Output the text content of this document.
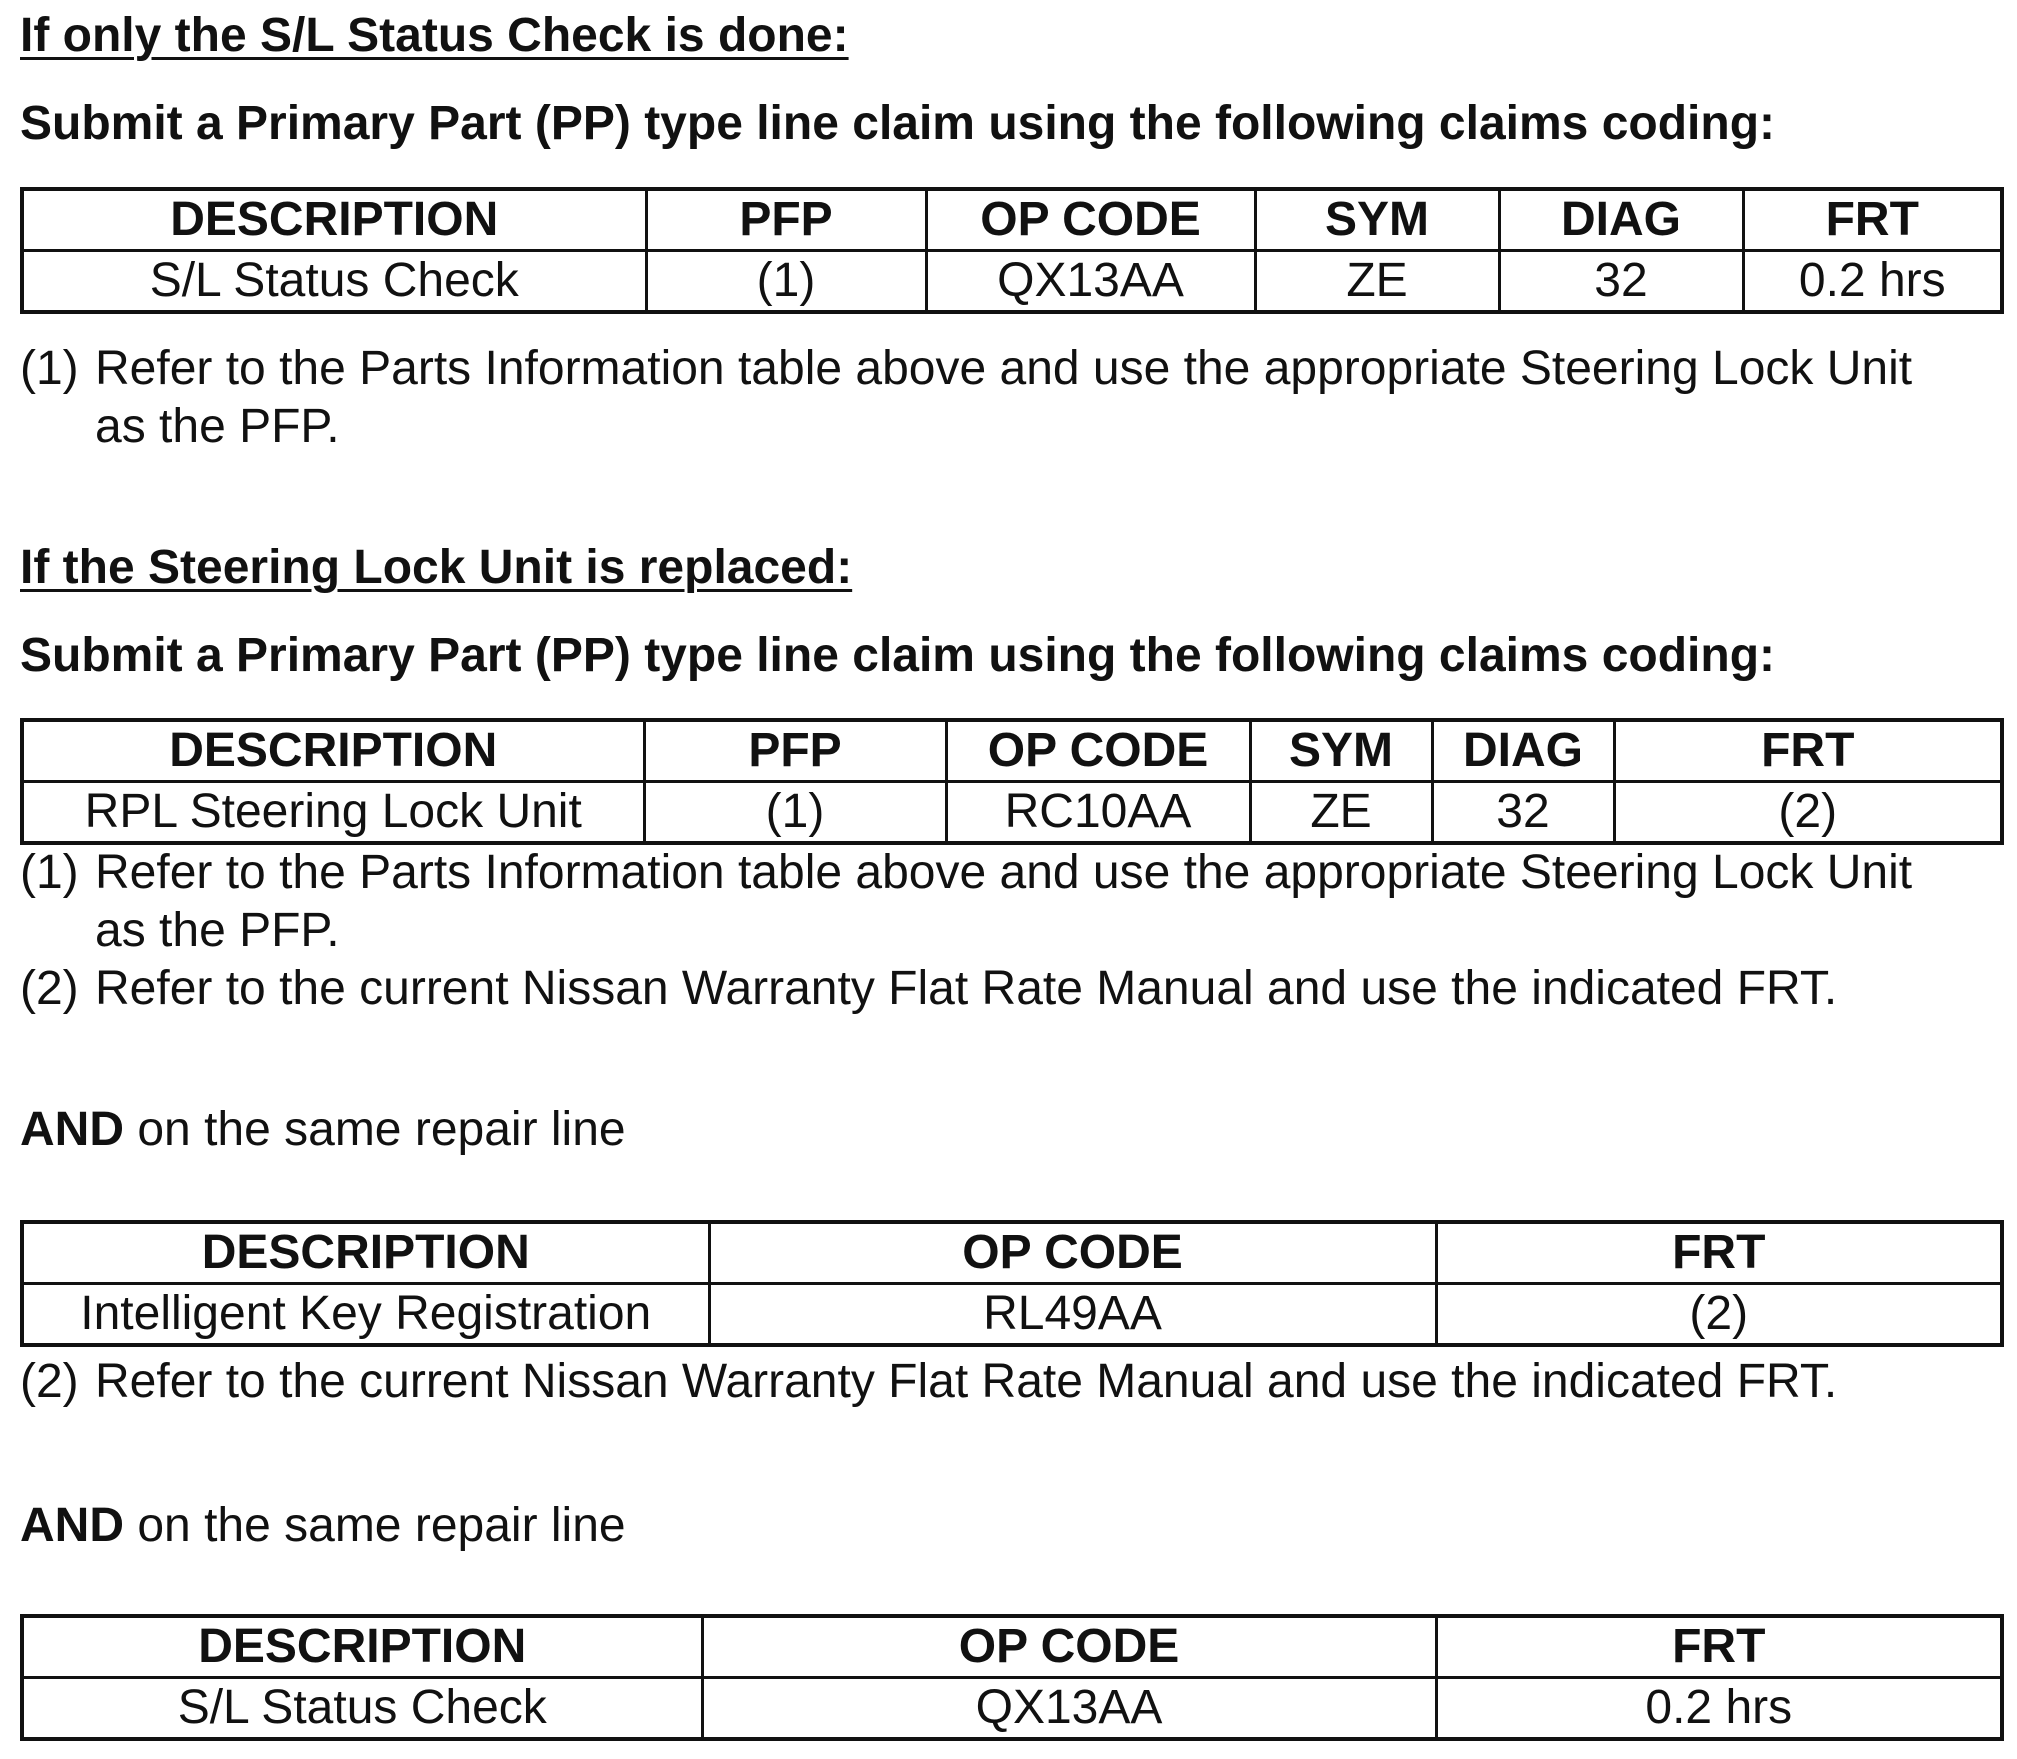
If only the S/L Status Check is done:
Submit a Primary Part (PP) type line claim using the following claims coding:
DESCRIPTION	PFP	OP CODE	SYM	DIAG	FRT
S/L Status Check	(1)	QX13AA	ZE	32	0.2 hrs
(1) Refer to the Parts Information table above and use the appropriate Steering Lock Unit
as the PFP.
If the Steering Lock Unit is replaced:
Submit a Primary Part (PP) type line claim using the following claims coding:
DESCRIPTION	PFP	OP CODE	SYM	DIAG	FRT
RPL Steering Lock Unit	(1)	RC10AA	ZE	32	(2)
(1) Refer to the Parts Information table above and use the appropriate Steering Lock Unit
as the PFP.
(2) Refer to the current Nissan Warranty Flat Rate Manual and use the indicated FRT.
AND on the same repair line
DESCRIPTION	OP CODE	FRT
Intelligent Key Registration	RL49AA	(2)
(2) Refer to the current Nissan Warranty Flat Rate Manual and use the indicated FRT.
AND on the same repair line
DESCRIPTION	OP CODE	FRT
S/L Status Check	QX13AA	0.2 hrs
